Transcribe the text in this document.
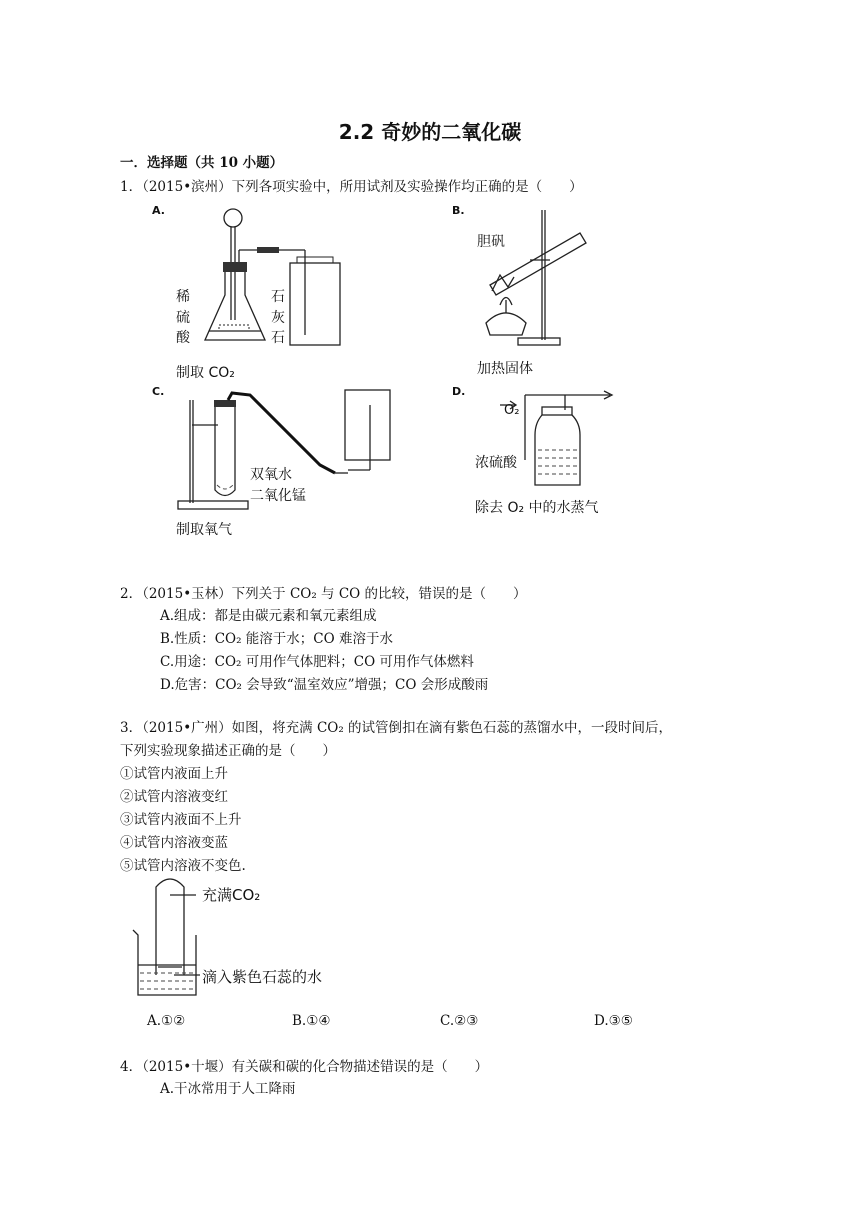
2.2 奇妙的二氧化碳
一．选择题（共 10 小题）
1．（2015•滨州）下列各项实验中，所用试剂及实验操作均正确的是（　　）
A.
稀
硫
酸
石
灰
石
制取 CO₂
B.
胆矾
加热固体
C.
双氧水
二氧化锰
制取氧气
D.
O₂
浓硫酸
除去 O₂ 中的水蒸气
2．（2015•玉林）下列关于 CO₂ 与 CO 的比较，错误的是（　　）
A.组成：都是由碳元素和氧元素组成
B.性质：CO₂ 能溶于水；CO 难溶于水
C.用途：CO₂ 可用作气体肥料；CO 可用作气体燃料
D.危害：CO₂ 会导致“温室效应”增强；CO 会形成酸雨
3．（2015•广州）如图，将充满 CO₂ 的试管倒扣在滴有紫色石蕊的蒸馏水中，一段时间后，
下列实验现象描述正确的是（　　）
①试管内液面上升
②试管内溶液变红
③试管内液面不上升
④试管内溶液变蓝
⑤试管内溶液不变色.
充满CO₂
滴入紫色石蕊的水
A.①②	B.①④	C.②③	D.③⑤
4．（2015•十堰）有关碳和碳的化合物描述错误的是（　　）
A.干冰常用于人工降雨
